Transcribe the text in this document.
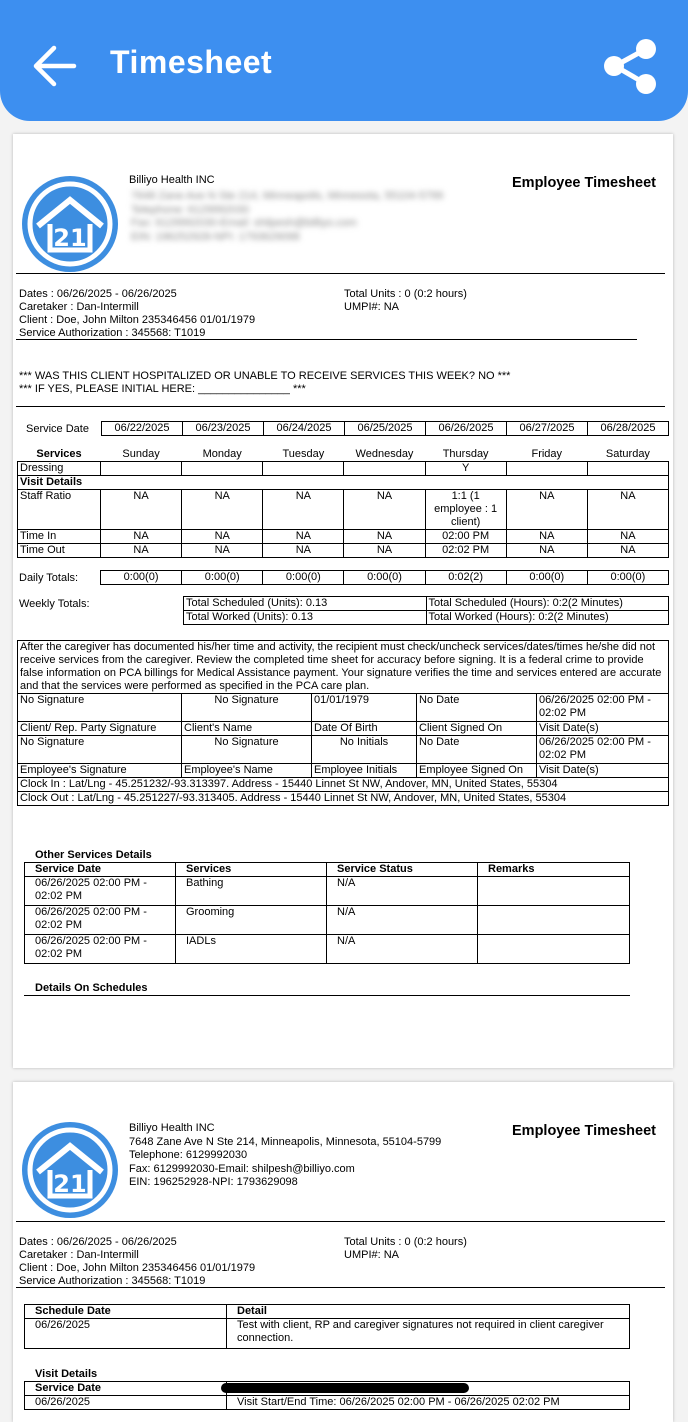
Timesheet
21
Billiyo Health INC
7648 Zane Ave N Ste 214, Minneapolis, Minnesota, 55104-5799
Telephone: 6129992030
Fax: 6129992030-Email: shilpesh@billiyo.com
EIN: 196252928-NPI: 1793629098
Employee Timesheet
Dates : 06/26/2025 - 06/26/2025
Caretaker : Dan-Intermill
Client : Doe, John Milton 235346456 01/01/1979
Service Authorization : 345568: T1019
Total Units : 0 (0:2 hours)
UMPI#: NA
*** WAS THIS CLIENT HOSPITALIZED OR UNABLE TO RECEIVE SERVICES THIS WEEK? NO ***
*** IF YES, PLEASE INITIAL HERE: _______________ ***
Service Date 06/22/2025	06/23/2025	06/24/2025	06/25/2025	06/26/2025	06/27/2025	06/28/2025
Services	Sunday	Monday	Tuesday	Wednesday	Thursday	Friday	Saturday
Dressing					Y		
Visit Details							
Staff Ratio	NA	NA	NA	NA	1:1 (1 employee : 1 client)	NA	NA
Time In	NA	NA	NA	NA	02:00 PM	NA	NA
Time Out	NA	NA	NA	NA	02:02 PM	NA	NA
Daily Totals:	0:00(0)	0:00(0)	0:00(0)	0:00(0)	0:02(2)	0:00(0)	0:00(0)
Weekly Totals:	Total Scheduled (Units): 0.13	Total Scheduled (Hours): 0:2(2 Minutes)
Total Worked (Units): 0.13	Total Worked (Hours): 0:2(2 Minutes)
After the caregiver has documented his/her time and activity, the recipient must check/uncheck services/dates/times he/she did not receive services from the caregiver. Review the completed time sheet for accuracy before signing. It is a federal crime to provide false information on PCA billings for Medical Assistance payment. Your signature verifies the time and services entered are accurate and that the services were performed as specified in the PCA care plan.				
No Signature	No Signature	01/01/1979	No Date	06/26/2025 02:00 PM - 02:02 PM
Client/ Rep. Party Signature	Client's Name	Date Of Birth	Client Signed On	Visit Date(s)
No Signature	No Signature	No Initials	No Date	06/26/2025 02:00 PM - 02:02 PM
Employee's Signature	Employee's Name	Employee Initials	Employee Signed On	Visit Date(s)
Clock In : Lat/Lng - 45.251232/-93.313397. Address - 15440 Linnet St NW, Andover, MN, United States, 55304				
Clock Out : Lat/Lng - 45.251227/-93.313405. Address - 15440 Linnet St NW, Andover, MN, United States, 55304				
Other Services Details
Service Date	Services	Service Status	Remarks
06/26/2025 02:00 PM - 02:02 PM	Bathing	N/A	
06/26/2025 02:00 PM - 02:02 PM	Grooming	N/A	
06/26/2025 02:00 PM - 02:02 PM	IADLs	N/A	
Details On Schedules
21
Billiyo Health INC
7648 Zane Ave N Ste 214, Minneapolis, Minnesota, 55104-5799
Telephone: 6129992030
Fax: 6129992030-Email: shilpesh@billiyo.com
EIN: 196252928-NPI: 1793629098
Employee Timesheet
Dates : 06/26/2025 - 06/26/2025
Caretaker : Dan-Intermill
Client : Doe, John Milton 235346456 01/01/1979
Service Authorization : 345568: T1019
Total Units : 0 (0:2 hours)
UMPI#: NA
Schedule Date	Detail
06/26/2025	Test with client, RP and caregiver signatures not required in client caregiver connection.
Visit Details
Service Date	
06/26/2025	Visit Start/End Time: 06/26/2025 02:00 PM - 06/26/2025 02:02 PM
